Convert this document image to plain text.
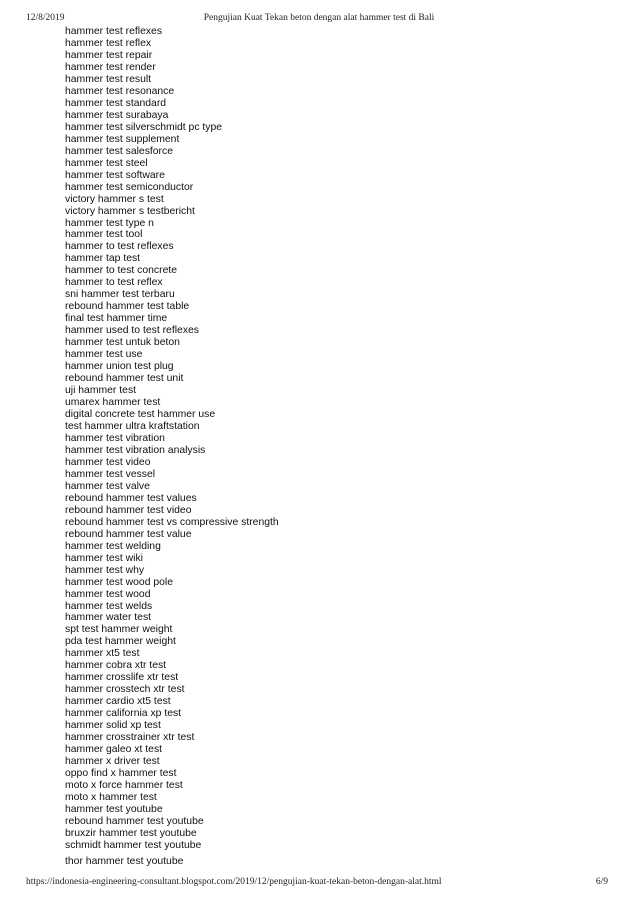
12/8/2019	Pengujian Kuat Tekan beton dengan alat hammer test di Bali
hammer test reflexes
hammer test reflex
hammer test repair
hammer test render
hammer test result
hammer test resonance
hammer test standard
hammer test surabaya
hammer test silverschmidt pc type
hammer test supplement
hammer test salesforce
hammer test steel
hammer test software
hammer test semiconductor
victory hammer s test
victory hammer s testbericht
hammer test type n
hammer test tool
hammer to test reflexes
hammer tap test
hammer to test concrete
hammer to test reflex
sni hammer test terbaru
rebound hammer test table
final test hammer time
hammer used to test reflexes
hammer test untuk beton
hammer test use
hammer union test plug
rebound hammer test unit
uji hammer test
umarex hammer test
digital concrete test hammer use
test hammer ultra kraftstation
hammer test vibration
hammer test vibration analysis
hammer test video
hammer test vessel
hammer test valve
rebound hammer test values
rebound hammer test video
rebound hammer test vs compressive strength
rebound hammer test value
hammer test welding
hammer test wiki
hammer test why
hammer test wood pole
hammer test wood
hammer test welds
hammer water test
spt test hammer weight
pda test hammer weight
hammer xt5 test
hammer cobra xtr test
hammer crosslife xtr test
hammer crosstech xtr test
hammer cardio xt5 test
hammer california xp test
hammer solid xp test
hammer crosstrainer xtr test
hammer galeo xt test
hammer x driver test
oppo find x hammer test
moto x force hammer test
moto x hammer test
hammer test youtube
rebound hammer test youtube
bruxzir hammer test youtube
schmidt hammer test youtube
thor hammer test youtube
https://indonesia-engineering-consultant.blogspot.com/2019/12/pengujian-kuat-tekan-beton-dengan-alat.html	6/9
